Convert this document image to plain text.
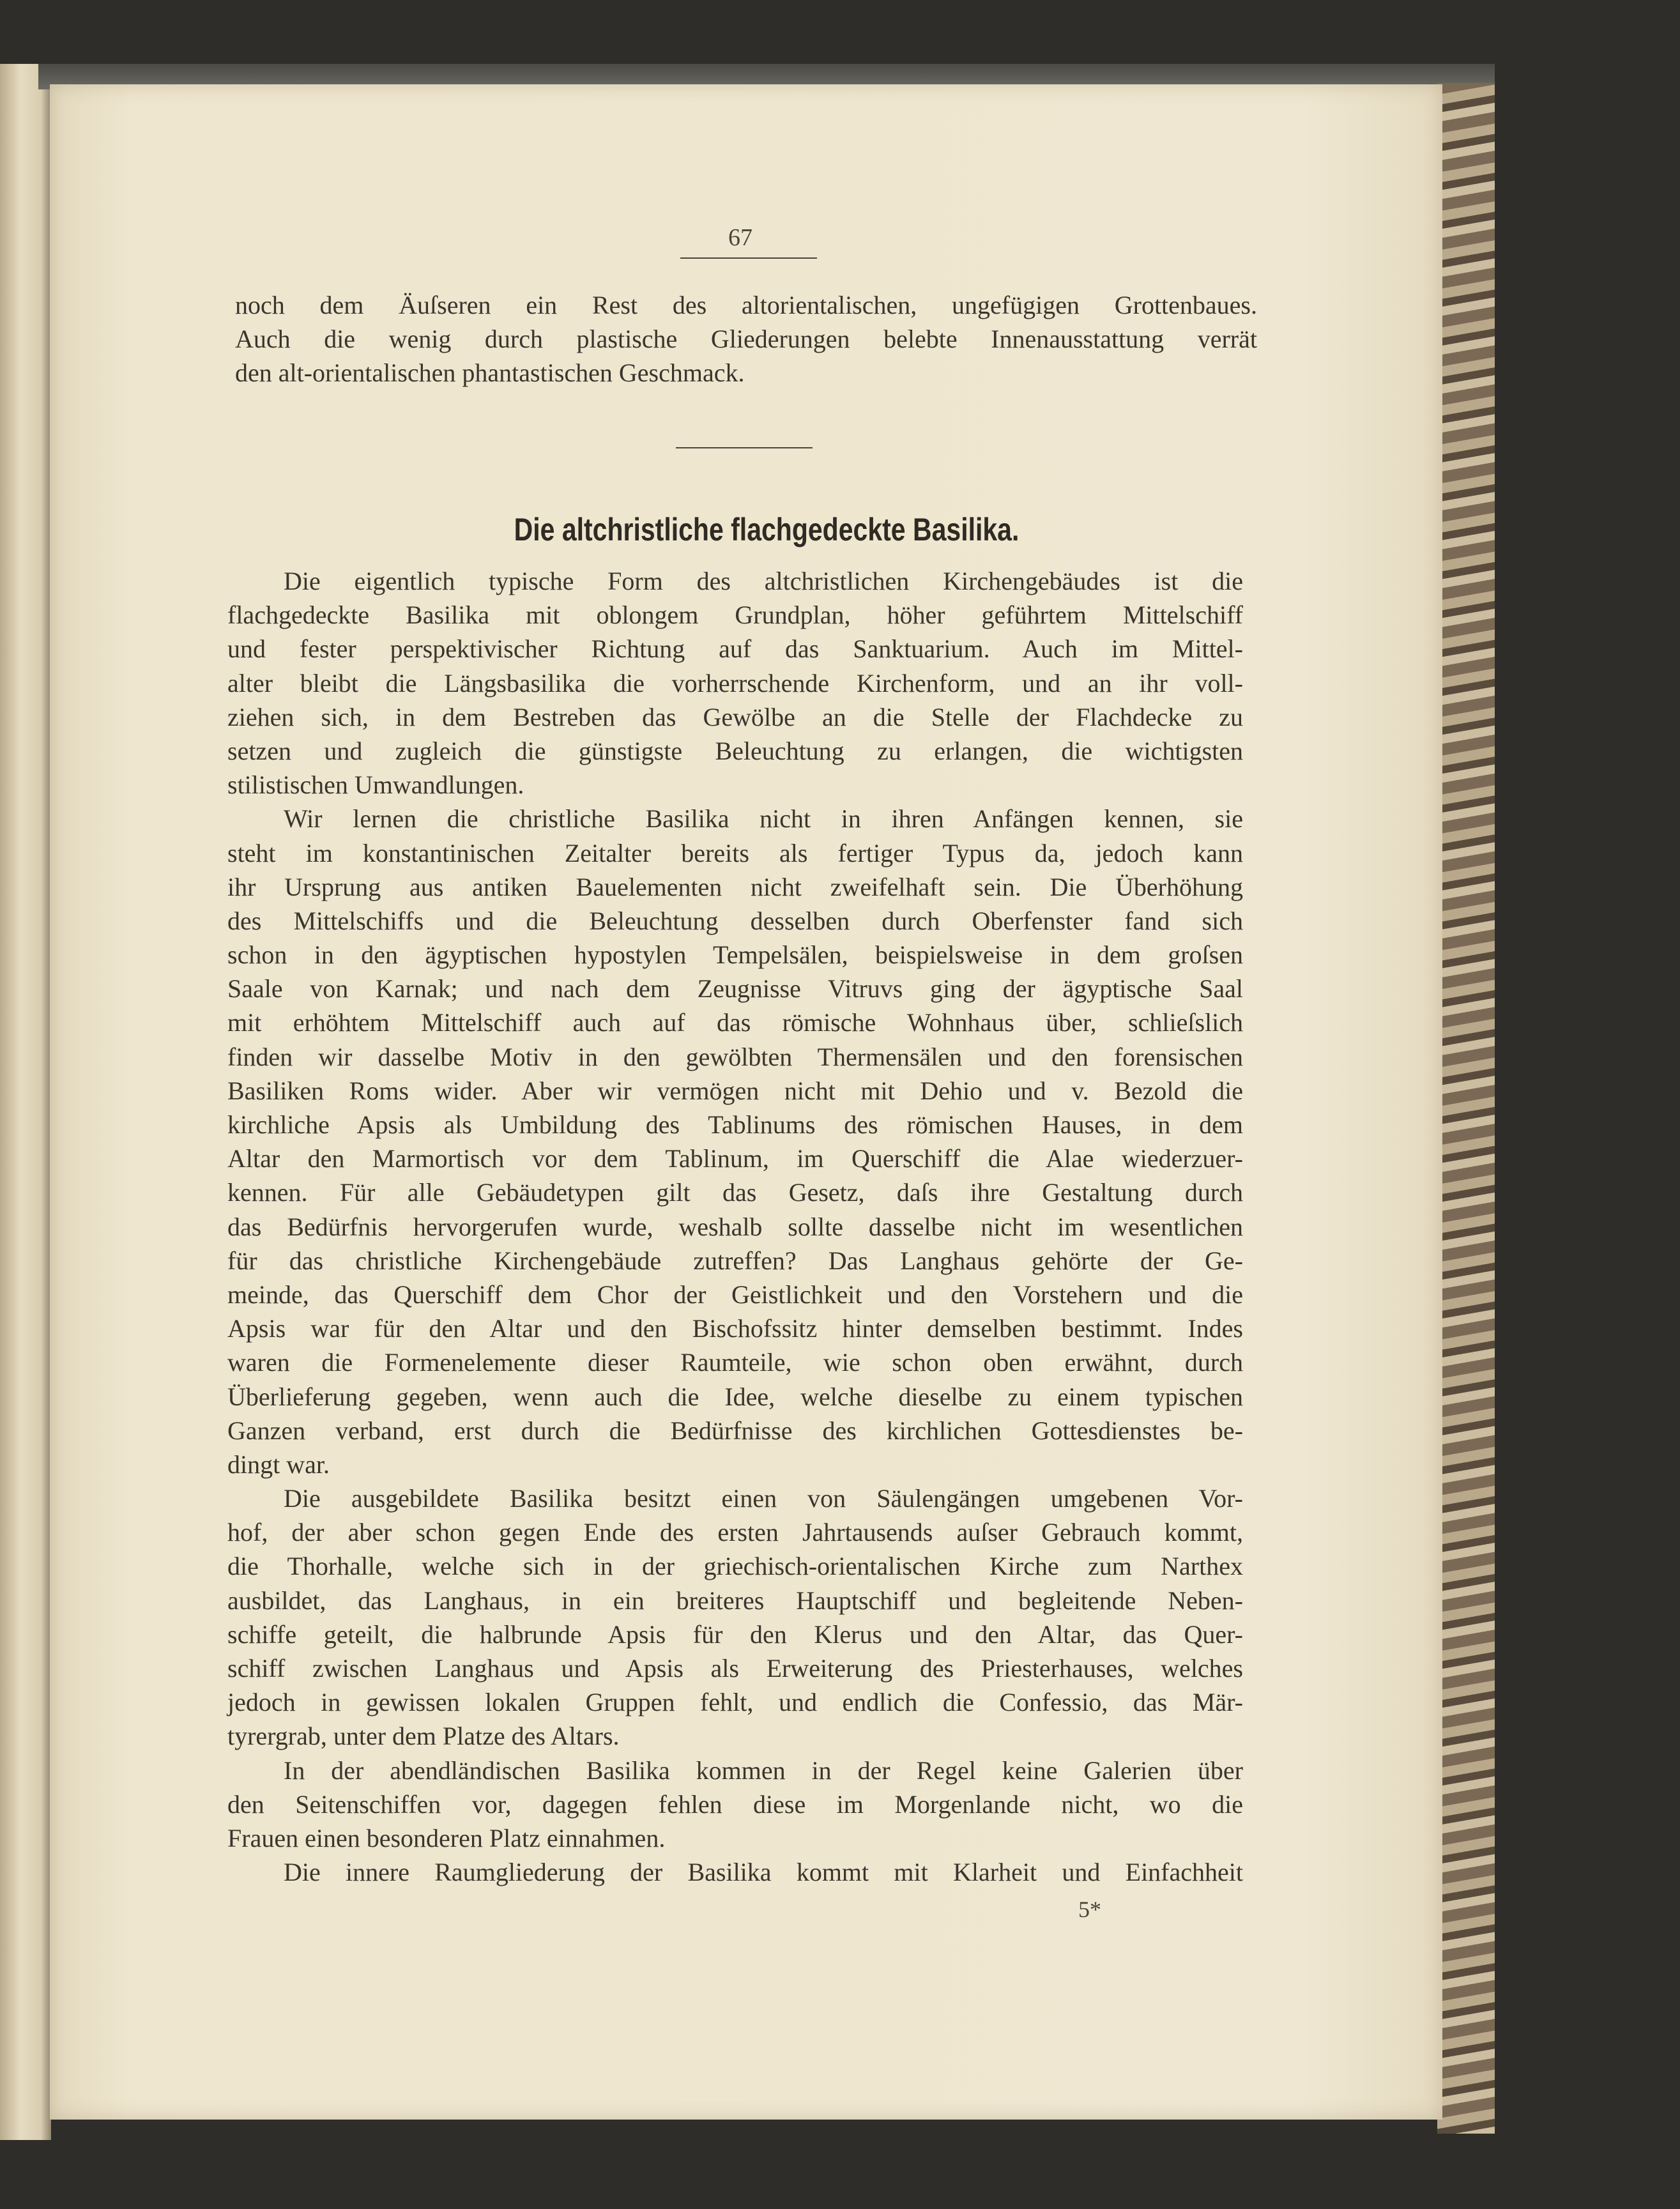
67
noch dem Äuſseren ein Rest des altorientalischen, ungefügigen Grottenbaues.
Auch die wenig durch plastische Gliederungen belebte Innenausstattung verrät
den alt-orientalischen phantastischen Geschmack.
Die altchristliche flachgedeckte Basilika.
Die eigentlich typische Form des altchristlichen Kirchengebäudes ist die
flachgedeckte Basilika mit oblongem Grundplan, höher geführtem Mittelschiff
und fester perspektivischer Richtung auf das Sanktuarium. Auch im Mittel-
alter bleibt die Längsbasilika die vorherrschende Kirchenform, und an ihr voll-
ziehen sich, in dem Bestreben das Gewölbe an die Stelle der Flachdecke zu
setzen und zugleich die günstigste Beleuchtung zu erlangen, die wichtigsten
stilistischen Umwandlungen.
Wir lernen die christliche Basilika nicht in ihren Anfängen kennen, sie
steht im konstantinischen Zeitalter bereits als fertiger Typus da, jedoch kann
ihr Ursprung aus antiken Bauelementen nicht zweifelhaft sein. Die Überhöhung
des Mittelschiffs und die Beleuchtung desselben durch Oberfenster fand sich
schon in den ägyptischen hypostylen Tempelsälen, beispielsweise in dem groſsen
Saale von Karnak; und nach dem Zeugnisse Vitruvs ging der ägyptische Saal
mit erhöhtem Mittelschiff auch auf das römische Wohnhaus über, schlieſslich
finden wir dasselbe Motiv in den gewölbten Thermensälen und den forensischen
Basiliken Roms wider. Aber wir vermögen nicht mit Dehio und v. Bezold die
kirchliche Apsis als Umbildung des Tablinums des römischen Hauses, in dem
Altar den Marmortisch vor dem Tablinum, im Querschiff die Alae wiederzuer-
kennen. Für alle Gebäudetypen gilt das Gesetz, daſs ihre Gestaltung durch
das Bedürfnis hervorgerufen wurde, weshalb sollte dasselbe nicht im wesentlichen
für das christliche Kirchengebäude zutreffen? Das Langhaus gehörte der Ge-
meinde, das Querschiff dem Chor der Geistlichkeit und den Vorstehern und die
Apsis war für den Altar und den Bischofssitz hinter demselben bestimmt. Indes
waren die Formenelemente dieser Raumteile, wie schon oben erwähnt, durch
Überlieferung gegeben, wenn auch die Idee, welche dieselbe zu einem typischen
Ganzen verband, erst durch die Bedürfnisse des kirchlichen Gottesdienstes be-
dingt war.
Die ausgebildete Basilika besitzt einen von Säulengängen umgebenen Vor-
hof, der aber schon gegen Ende des ersten Jahrtausends auſser Gebrauch kommt,
die Thorhalle, welche sich in der griechisch-orientalischen Kirche zum Narthex
ausbildet, das Langhaus, in ein breiteres Hauptschiff und begleitende Neben-
schiffe geteilt, die halbrunde Apsis für den Klerus und den Altar, das Quer-
schiff zwischen Langhaus und Apsis als Erweiterung des Priesterhauses, welches
jedoch in gewissen lokalen Gruppen fehlt, und endlich die Confessio, das Mär-
tyrergrab, unter dem Platze des Altars.
In der abendländischen Basilika kommen in der Regel keine Galerien über
den Seitenschiffen vor, dagegen fehlen diese im Morgenlande nicht, wo die
Frauen einen besonderen Platz einnahmen.
Die innere Raumgliederung der Basilika kommt mit Klarheit und Einfachheit
5*
